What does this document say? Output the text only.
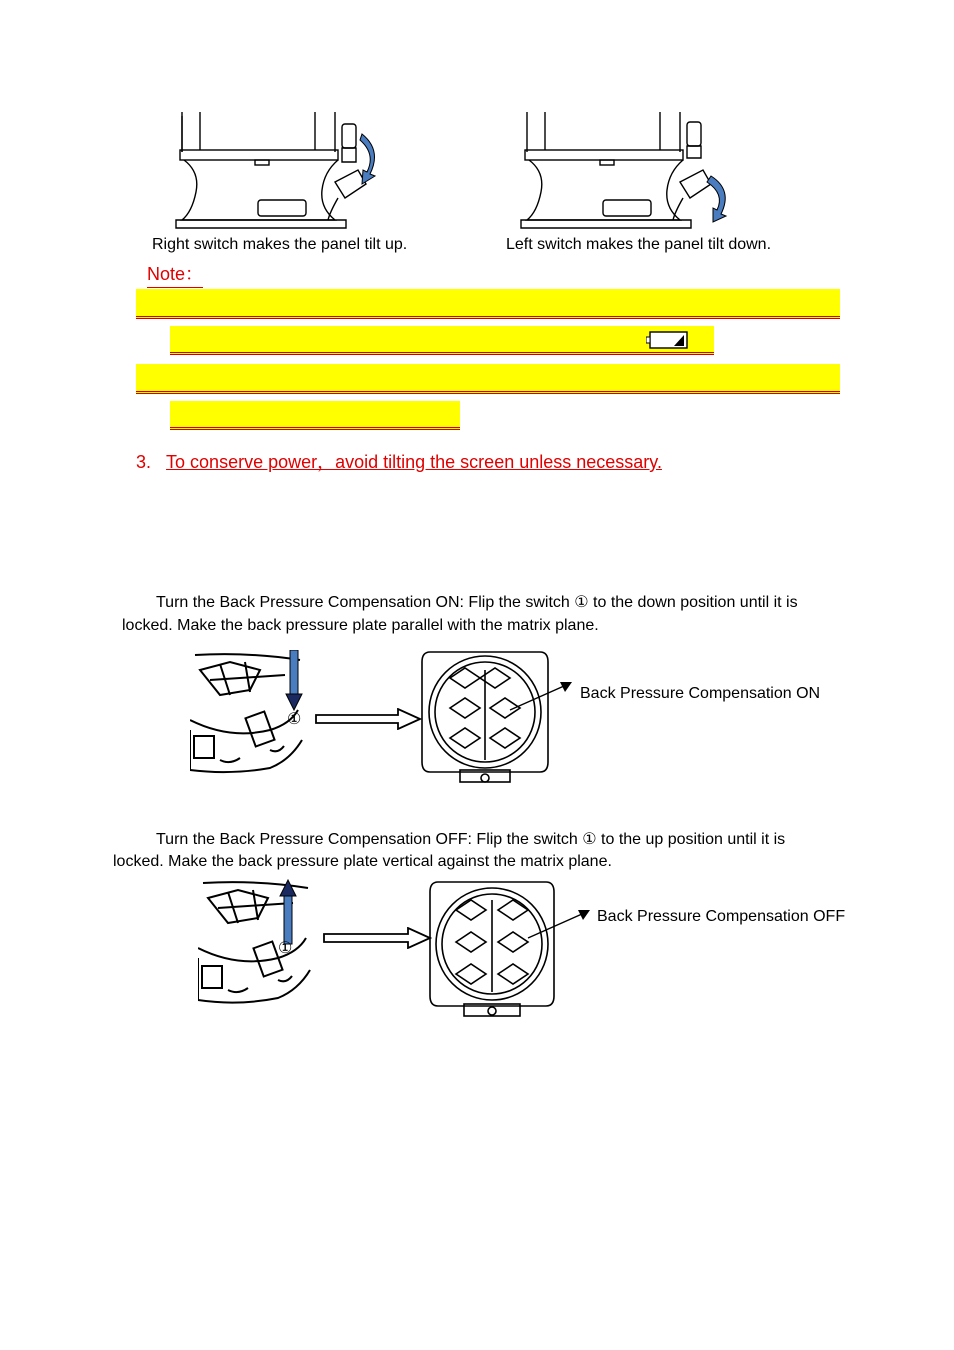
Right switch makes the panel tilt up.	Left switch makes the panel tilt down.
Note：
3. To conserve power，avoid tilting the screen unless necessary.
Turn the Back Pressure Compensation ON: Flip the switch ① to the down position until it is
locked. Make the back pressure plate parallel with the matrix plane.
①
Back Pressure Compensation ON
Turn the Back Pressure Compensation OFF: Flip the switch ① to the up position until it is
locked. Make the back pressure plate vertical against the matrix plane.
①
Back Pressure Compensation OFF
